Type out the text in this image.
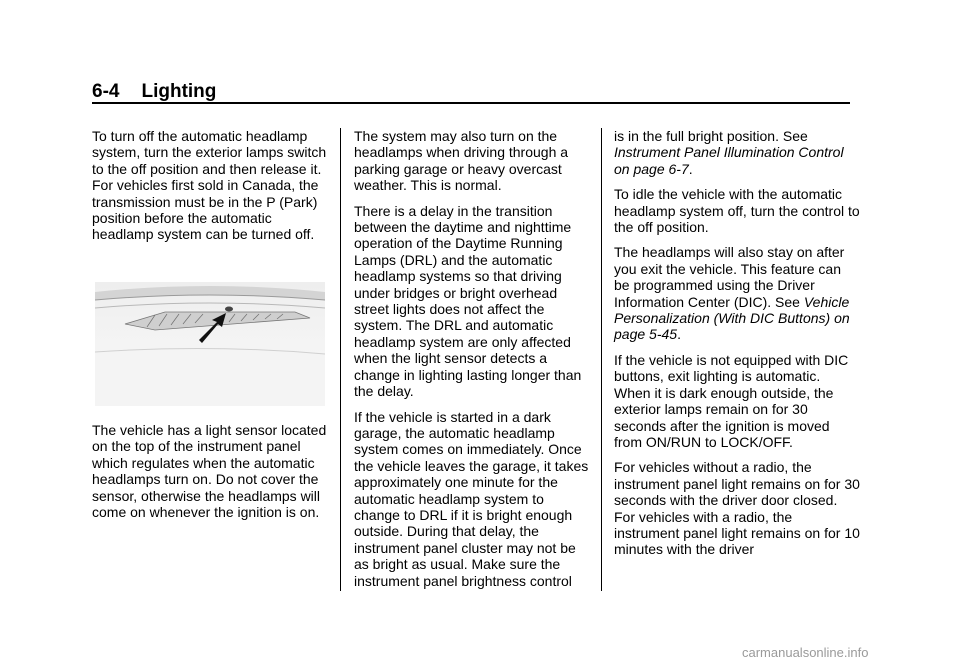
6-4 Lighting

To turn off the automatic headlamp system, turn the exterior lamps switch to the off position and then release it. For vehicles first sold in Canada, the transmission must be in the P (Park) position before the automatic headlamp system can be turned off.

The vehicle has a light sensor located on the top of the instrument panel which regulates when the automatic headlamps turn on. Do not cover the sensor, otherwise the headlamps will come on whenever the ignition is on.

The system may also turn on the headlamps when driving through a parking garage or heavy overcast weather. This is normal.

There is a delay in the transition between the daytime and nighttime operation of the Daytime Running Lamps (DRL) and the automatic headlamp systems so that driving under bridges or bright overhead street lights does not affect the system. The DRL and automatic headlamp system are only affected when the light sensor detects a change in lighting lasting longer than the delay.

If the vehicle is started in a dark garage, the automatic headlamp system comes on immediately. Once the vehicle leaves the garage, it takes approximately one minute for the automatic headlamp system to change to DRL if it is bright enough outside. During that delay, the instrument panel cluster may not be as bright as usual. Make sure the instrument panel brightness control

is in the full bright position. See Instrument Panel Illumination Control on page 6-7.

To idle the vehicle with the automatic headlamp system off, turn the control to the off position.

The headlamps will also stay on after you exit the vehicle. This feature can be programmed using the Driver Information Center (DIC). See Vehicle Personalization (With DIC Buttons) on page 5-45.

If the vehicle is not equipped with DIC buttons, exit lighting is automatic. When it is dark enough outside, the exterior lamps remain on for 30 seconds after the ignition is moved from ON/RUN to LOCK/OFF.

For vehicles without a radio, the instrument panel light remains on for 30 seconds with the driver door closed. For vehicles with a radio, the instrument panel light remains on for 10 minutes with the driver

carmanualsonline.info
